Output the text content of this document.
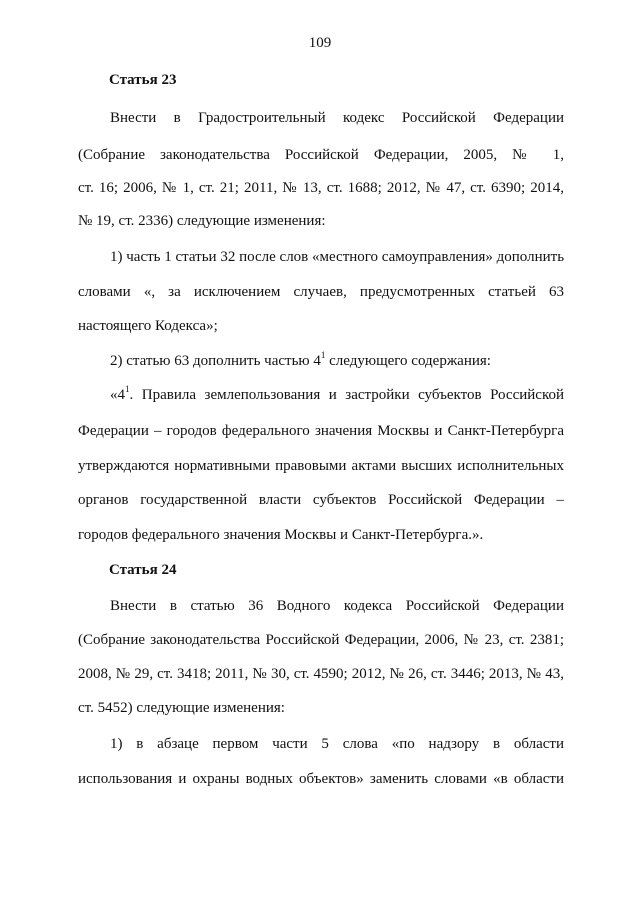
109
Статья 23
Внести в Градостроительный кодекс Российской Федерации
(Собрание законодательства Российской Федерации, 2005, № 1,
ст. 16; 2006, № 1, ст. 21; 2011, № 13, ст. 1688; 2012, № 47, ст. 6390; 2014,
№ 19, ст. 2336) следующие изменения:
1) часть 1 статьи 32 после слов «местного самоуправления» дополнить
словами «, за исключением случаев, предусмотренных статьей 63
настоящего Кодекса»;
2) статью 63 дополнить частью $4^1$ следующего содержания:
«$4^1$. Правила землепользования и застройки субъектов Российской
Федерации – городов федерального значения Москвы и Санкт-Петербурга
утверждаются нормативными правовыми актами высших исполнительных
органов государственной власти субъектов Российской Федерации –
городов федерального значения Москвы и Санкт-Петербурга.».
Статья 24
Внести в статью 36 Водного кодекса Российской Федерации
(Собрание законодательства Российской Федерации, 2006, № 23, ст. 2381;
2008, № 29, ст. 3418; 2011, № 30, ст. 4590; 2012, № 26, ст. 3446; 2013, № 43,
ст. 5452) следующие изменения:
1) в абзаце первом части 5 слова «по надзору в области
использования и охраны водных объектов» заменить словами «в области
